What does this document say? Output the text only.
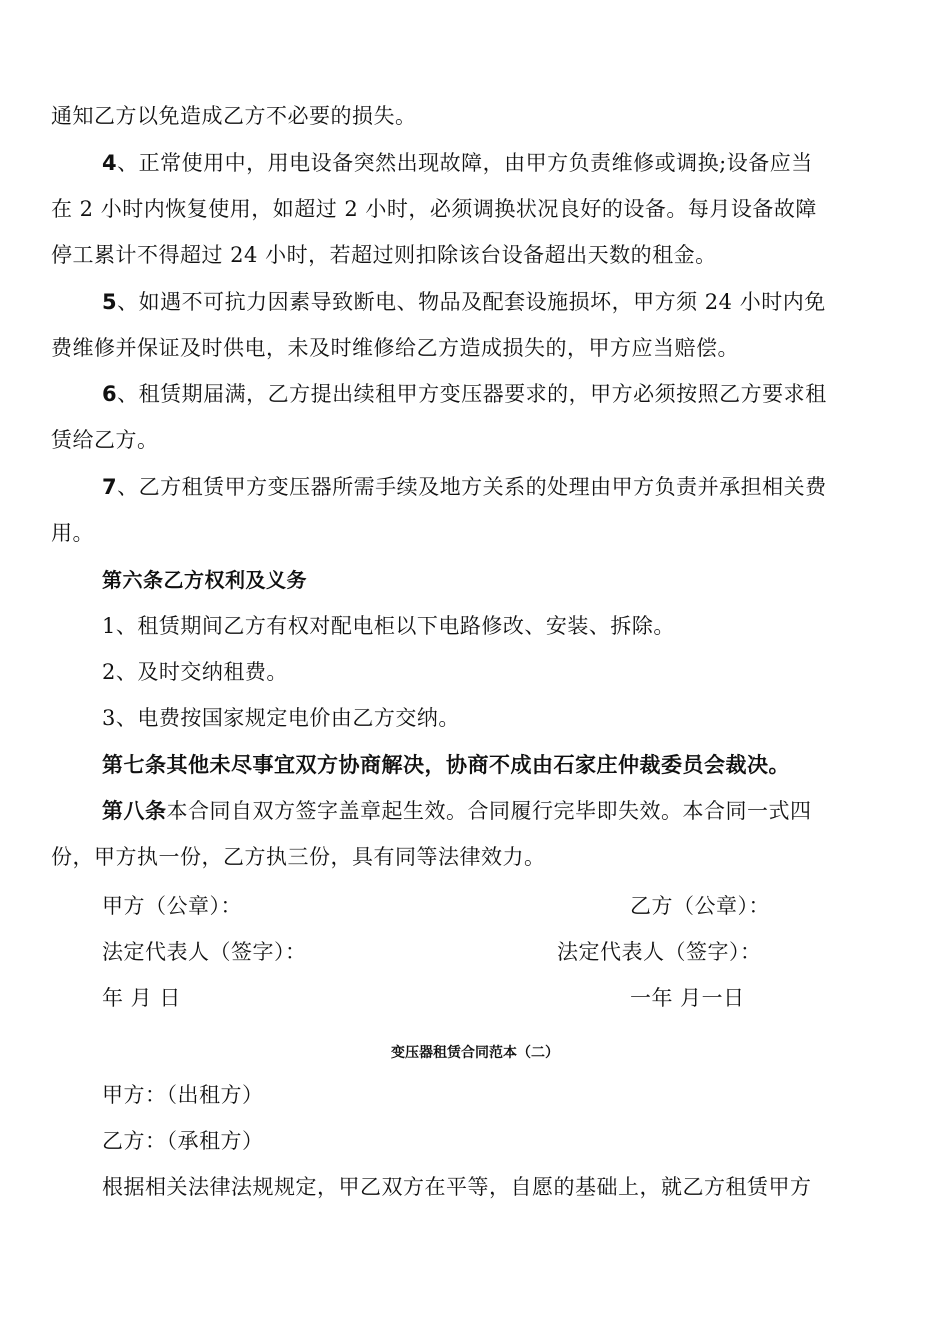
通知乙方以免造成乙方不必要的损失。
4、正常使用中，用电设备突然出现故障，由甲方负责维修或调换;设备应当
在 2 小时内恢复使用，如超过 2 小时，必须调换状况良好的设备。每月设备故障
停工累计不得超过 24 小时，若超过则扣除该台设备超出天数的租金。
5、如遇不可抗力因素导致断电、物品及配套设施损坏，甲方须 24 小时内免
费维修并保证及时供电，未及时维修给乙方造成损失的，甲方应当赔偿。
6、租赁期届满，乙方提出续租甲方变压器要求的，甲方必须按照乙方要求租
赁给乙方。
7、乙方租赁甲方变压器所需手续及地方关系的处理由甲方负责并承担相关费
用。
第六条乙方权利及义务
1、租赁期间乙方有权对配电柜以下电路修改、安装、拆除。
2、及时交纳租费。
3、电费按国家规定电价由乙方交纳。
第七条其他未尽事宜双方协商解决，协商不成由石家庄仲裁委员会裁决。
第八条本合同自双方签字盖章起生效。合同履行完毕即失效。本合同一式四
份，甲方执一份，乙方执三份，具有同等法律效力。
甲方（公章）：	乙方（公章）：
法定代表人（签字）：	法定代表人（签字）：
年 月 日	一年 月一日
变压器租赁合同范本（二）
甲方：（出租方）
乙方：（承租方）
根据相关法律法规规定，甲乙双方在平等，自愿的基础上，就乙方租赁甲方
